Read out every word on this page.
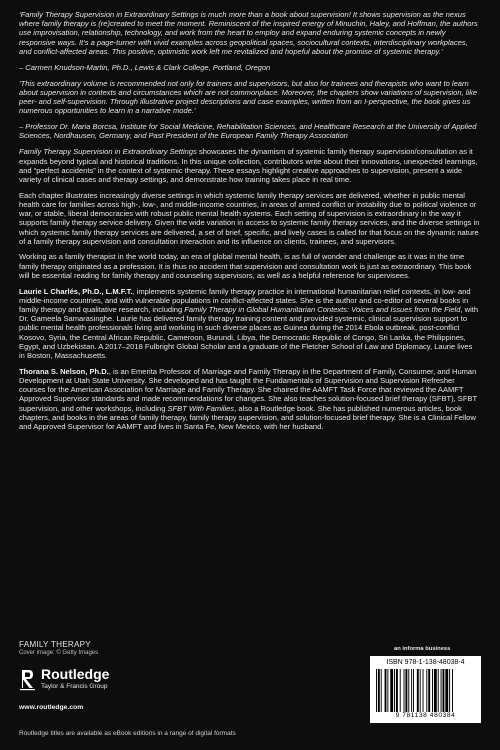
‘Family Therapy Supervision in Extraordinary Settings is much more than a book about supervision! It shows supervision as the nexus where family therapy is (re)created to meet the moment. Reminiscent of the inspired energy of Minuchin, Haley, and Hoffman, the authors use improvisation, relationship, technology, and work from the heart to employ and expand enduring systemic concepts in newly responsive ways. It’s a page-turner with vivid examples across geopolitical spaces, sociocultural contexts, interdisciplinary workplaces, and conflict-affected areas. This positive, optimistic work left me revitalized and hopeful about the promise of systemic therapy.’

– Carmen Knudson-Martin, Ph.D., Lewis & Clark College, Portland, Oregon

‘This extraordinary volume is recommended not only for trainers and supervisors, but also for trainees and therapists who want to learn about supervision in contexts and circumstances which are not commonplace. Moreover, the chapters show variations of supervision, like peer- and self-supervision. Through illustrative project descriptions and case examples, written from an I-perspective, the book gives us numerous opportunities to learn in a narrative mode.’

– Professor Dr. Maria Borcsa, Institute for Social Medicine, Rehabilitation Sciences, and Healthcare Research at the University of Applied Sciences, Nordhausen, Germany, and Past President of the European Family Therapy Association

Family Therapy Supervision in Extraordinary Settings showcases the dynamism of systemic family therapy supervision/consultation as it expands beyond typical and historical traditions. In this unique collection, contributors write about their innovations, unexpected learnings, and “perfect accidents” in the context of systemic therapy. These essays highlight creative approaches to supervision, present a wide variety of clinical cases and therapy settings, and demonstrate how training takes place in real time.

Each chapter illustrates increasingly diverse settings in which systemic family therapy services are delivered, whether in public mental health care for families across high-, low-, and middle-income countries, in areas of armed conflict or instability due to political violence or war, or stable, liberal democracies with robust public mental health systems. Each setting of supervision is extraordinary in the way it supports family therapy service delivery. Given the wide variation in access to systemic family therapy services, and the diverse settings in which systemic family therapy services are delivered, a set of brief, specific, and lively cases is called for that focus on the dynamic nature of a family therapy supervision and consultation interaction and its influence on clients, trainees, and supervisors.

Working as a family therapist in the world today, an era of global mental health, is as full of wonder and challenge as it was in the time family therapy originated as a profession. It is thus no accident that supervision and consultation work is just as extraordinary. This book will be essential reading for family therapy and counseling supervisors, as well as a helpful reference for supervisees.

Laurie L Charlés, Ph.D., L.M.F.T., implements systemic family therapy practice in international humanitarian relief contexts, in low- and middle-income countries, and with vulnerable populations in conflict-affected states. She is the author and co-editor of several books in family therapy and qualitative research, including Family Therapy in Global Humanitarian Contexts: Voices and Issues from the Field, with Dr. Gameela Samarasinghe. Laurie has delivered family therapy training content and provided systemic, clinical supervision support to public mental health professionals living and working in such diverse places as Guinea during the 2014 Ebola outbreak, post-conflict Kosovo, Syria, the Central African Republic, Cameroon, Burundi, Libya, the Democratic Republic of Congo, Sri Lanka, the Philippines, Egypt, and Uzbekistan. A 2017–2018 Fulbright Global Scholar and a graduate of the Fletcher School of Law and Diplomacy, Laurie lives in Boston, Massachusetts.

Thorana S. Nelson, Ph.D., is an Emerita Professor of Marriage and Family Therapy in the Department of Family, Consumer, and Human Development at Utah State University. She developed and has taught the Fundamentals of Supervision and Supervision Refresher courses for the American Association for Marriage and Family Therapy. She chaired the AAMFT Task Force that reviewed the AAMFT Approved Supervisor standards and made recommendations for changes. She also teaches solution-focused brief therapy (SFBT), SFBT supervision, and other workshops, including SFBT With Families, also a Routledge book. She has published numerous articles, book chapters, and books in the areas of family therapy, family therapy supervision, and solution-focused brief therapy. She is a Clinical Fellow and Approved Supervisor for AAMFT and lives in Santa Fe, New Mexico, with her husband.

FAMILY THERAPY
Cover image: © Getty Images
Routledge
Taylor & Francis Group
www.routledge.com
Routledge titles are available as eBook editions in a range of digital formats
an informa business
ISBN 978-1-138-48038-4
9 781138 480384
